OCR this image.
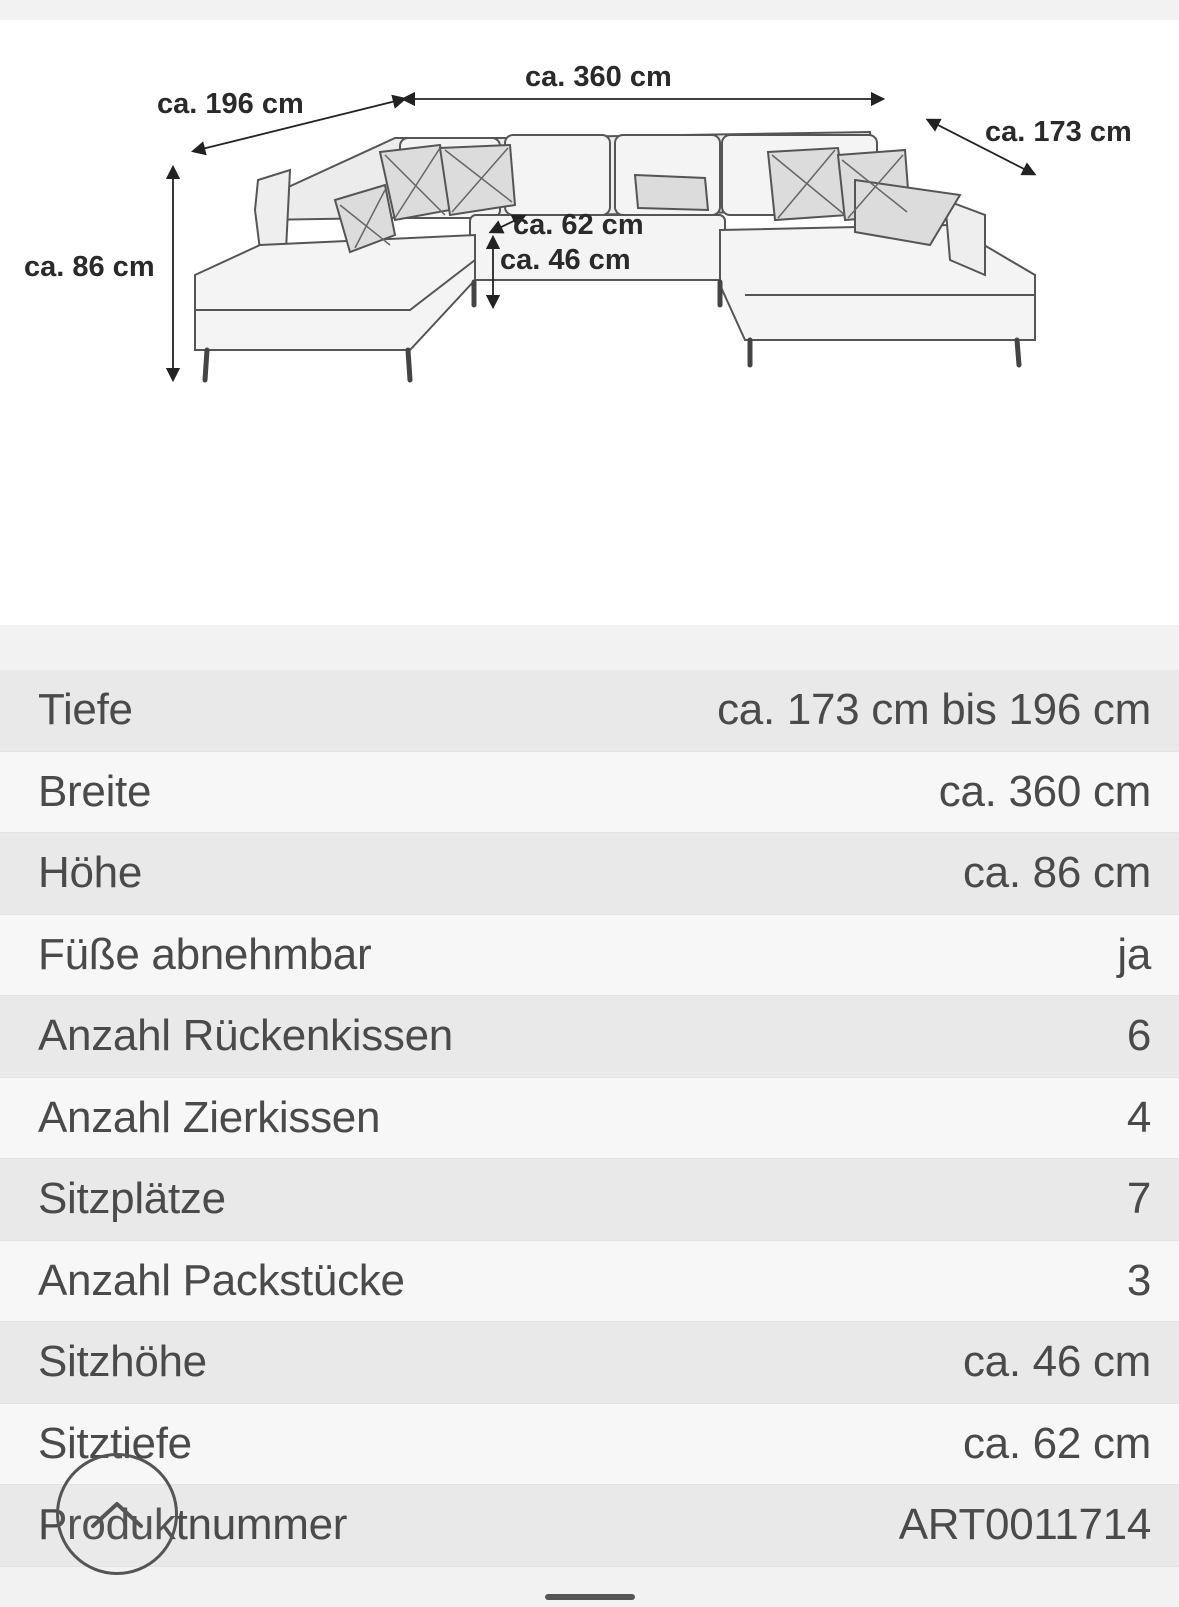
ca. 360 cm
ca. 196 cm
ca. 173 cm
ca. 86 cm
ca. 62 cm
ca. 46 cm
Tiefe	ca. 173 cm bis 196 cm
Breite	ca. 360 cm
Höhe	ca. 86 cm
Füße abnehmbar	ja
Anzahl Rückenkissen	6
Anzahl Zierkissen	4
Sitzplätze	7
Anzahl Packstücke	3
Sitzhöhe	ca. 46 cm
Sitztiefe	ca. 62 cm
Produktnummer	ART0011714
